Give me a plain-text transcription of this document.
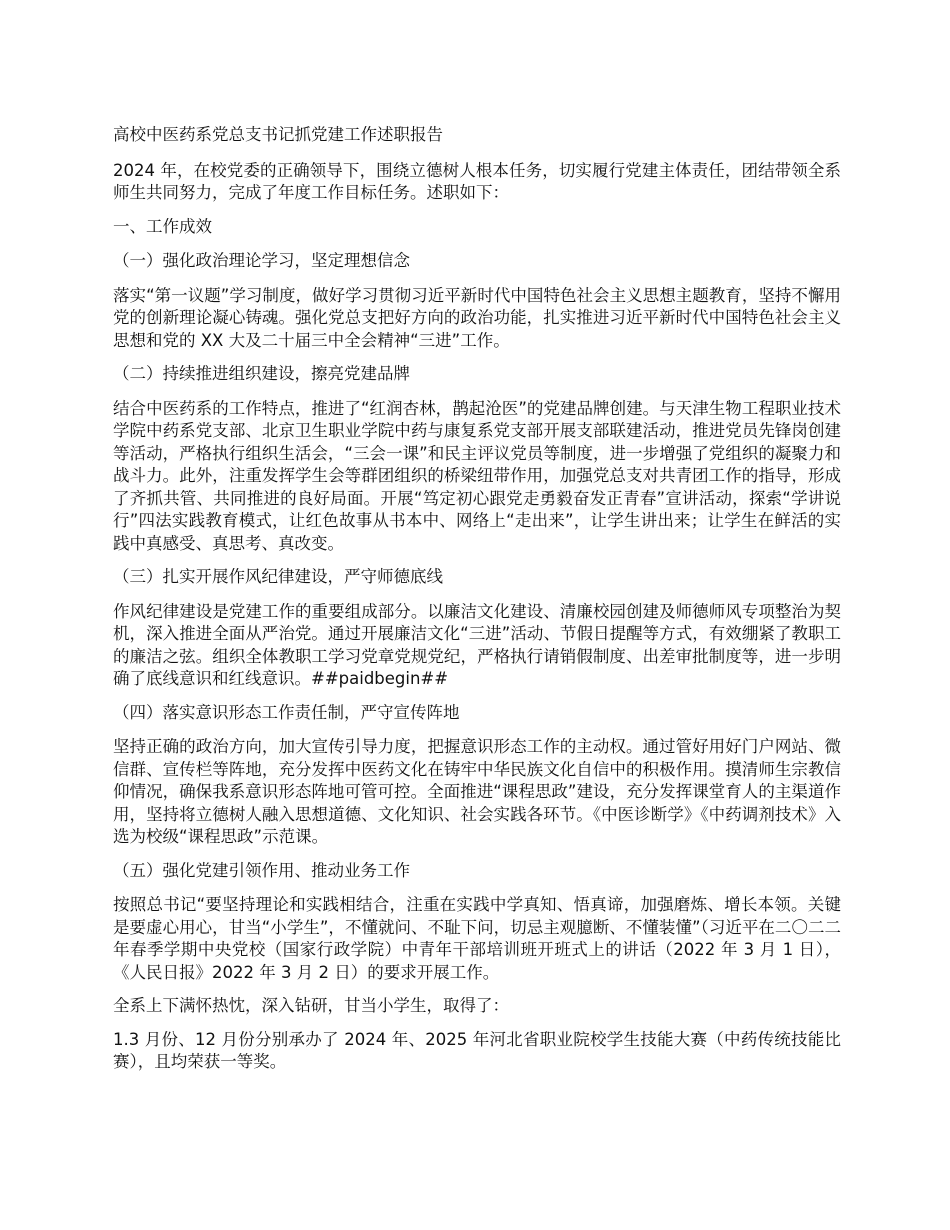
高校中医药系党总支书记抓党建工作述职报告

2024 年，在校党委的正确领导下，围绕立德树人根本任务，切实履行党建主体责任，团结带领全系师生共同努力，完成了年度工作目标任务。述职如下：

一、工作成效

（一）强化政治理论学习，坚定理想信念

落实“第一议题”学习制度，做好学习贯彻习近平新时代中国特色社会主义思想主题教育，坚持不懈用党的创新理论凝心铸魂。强化党总支把好方向的政治功能，扎实推进习近平新时代中国特色社会主义思想和党的 XX 大及二十届三中全会精神“三进”工作。

（二）持续推进组织建设，擦亮党建品牌

结合中医药系的工作特点，推进了“红润杏林，鹊起沧医”的党建品牌创建。与天津生物工程职业技术学院中药系党支部、北京卫生职业学院中药与康复系党支部开展支部联建活动，推进党员先锋岗创建等活动，严格执行组织生活会，“三会一课”和民主评议党员等制度，进一步增强了党组织的凝聚力和战斗力。此外，注重发挥学生会等群团组织的桥梁纽带作用，加强党总支对共青团工作的指导，形成了齐抓共管、共同推进的良好局面。开展“笃定初心跟党走勇毅奋发正青春”宣讲活动，探索“学讲说行”四法实践教育模式，让红色故事从书本中、网络上“走出来”，让学生讲出来；让学生在鲜活的实践中真感受、真思考、真改变。

（三）扎实开展作风纪律建设，严守师德底线

作风纪律建设是党建工作的重要组成部分。以廉洁文化建设、清廉校园创建及师德师风专项整治为契机，深入推进全面从严治党。通过开展廉洁文化“三进”活动、节假日提醒等方式，有效绷紧了教职工的廉洁之弦。组织全体教职工学习党章党规党纪，严格执行请销假制度、出差审批制度等，进一步明确了底线意识和红线意识。##paidbegin##

（四）落实意识形态工作责任制，严守宣传阵地

坚持正确的政治方向，加大宣传引导力度，把握意识形态工作的主动权。通过管好用好门户网站、微信群、宣传栏等阵地，充分发挥中医药文化在铸牢中华民族文化自信中的积极作用。摸清师生宗教信仰情况，确保我系意识形态阵地可管可控。全面推进“课程思政”建设，充分发挥课堂育人的主渠道作用，坚持将立德树人融入思想道德、文化知识、社会实践各环节。《中医诊断学》《中药调剂技术》入选为校级“课程思政”示范课。

（五）强化党建引领作用、推动业务工作

按照总书记“要坚持理论和实践相结合，注重在实践中学真知、悟真谛，加强磨炼、增长本领。关键是要虚心用心，甘当“小学生”，不懂就问、不耻下问，切忌主观臆断、不懂装懂”（习近平在二〇二二年春季学期中央党校（国家行政学院）中青年干部培训班开班式上的讲话（2022 年 3 月 1 日），《人民日报》2022 年 3 月 2 日）的要求开展工作。

全系上下满怀热忱，深入钻研，甘当小学生，取得了：

1.3 月份、12 月份分别承办了 2024 年、2025 年河北省职业院校学生技能大赛（中药传统技能比赛），且均荣获一等奖。
